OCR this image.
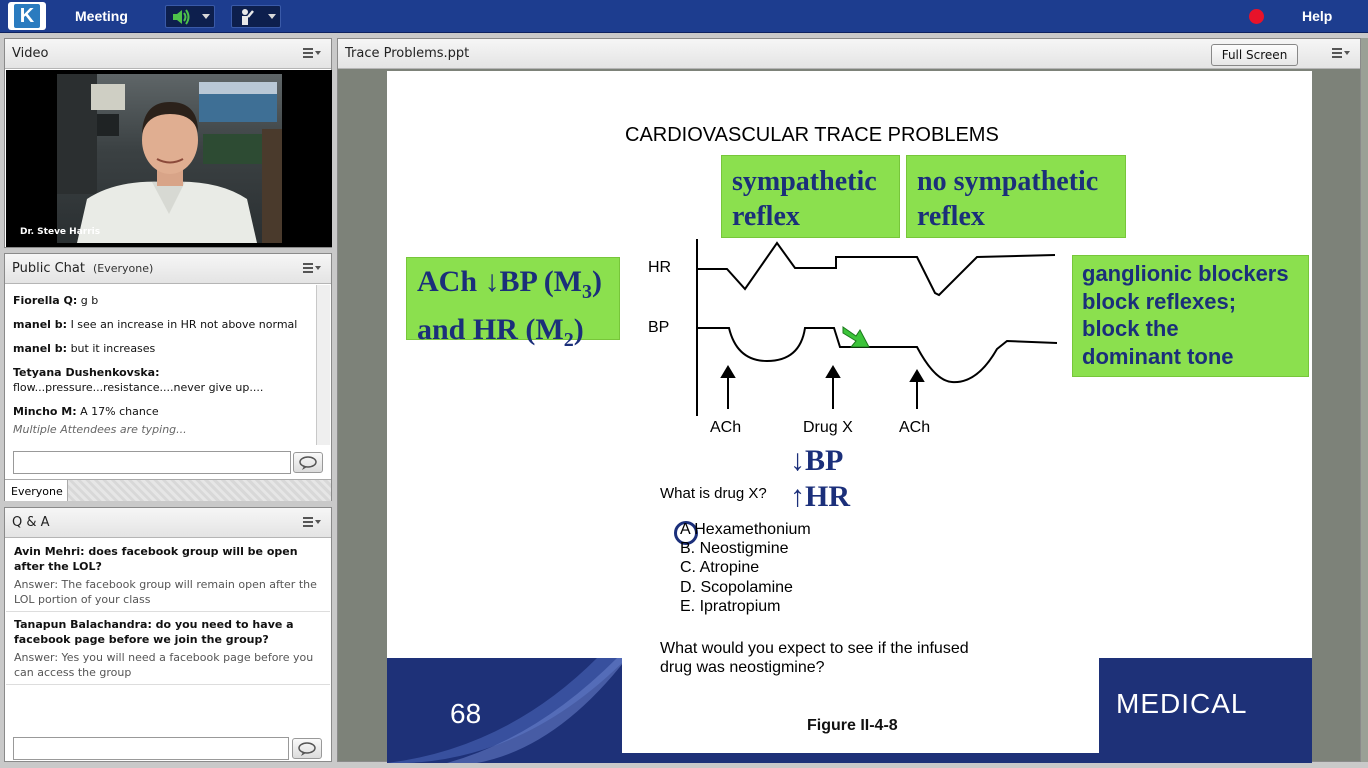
K	Meeting	Help
Video
Dr. Steve Harris
Public Chat (Everyone)
Fiorella Q: g b
manel b: I see an increase in HR not above normal
manel b: but it increases
Tetyana Dushenkovska:
flow...pressure...resistance....never give up....
Mincho M: A 17% chance
Multiple Attendees are typing...
Everyone
Q & A
Avin Mehri: does facebook group will be open after the LOL?
Answer: The facebook group will remain open after the LOL portion of your class
Tanapun Balachandra: do you need to have a facebook page before we join the group?
Answer: Yes you will need a facebook page before you can access the group
Trace Problems.ppt	Full Screen
CARDIOVASCULAR TRACE PROBLEMS
sympathetic
reflex
no sympathetic
reflex
ACh ↓BP $(M_3)$
and HR $(M_2)$
ganglionic blockers
block reflexes;
block the
dominant tone
HR
BP
ACh	Drug X	ACh
↓BP
What is drug X? ↑HR
A Hexamethonium
B. Neostigmine
C. Atropine
D. Scopolamine
E. Ipratropium
68	Figure II-4-8
MEDICAL
What would you expect to see if the infused drug was neostigmine?
